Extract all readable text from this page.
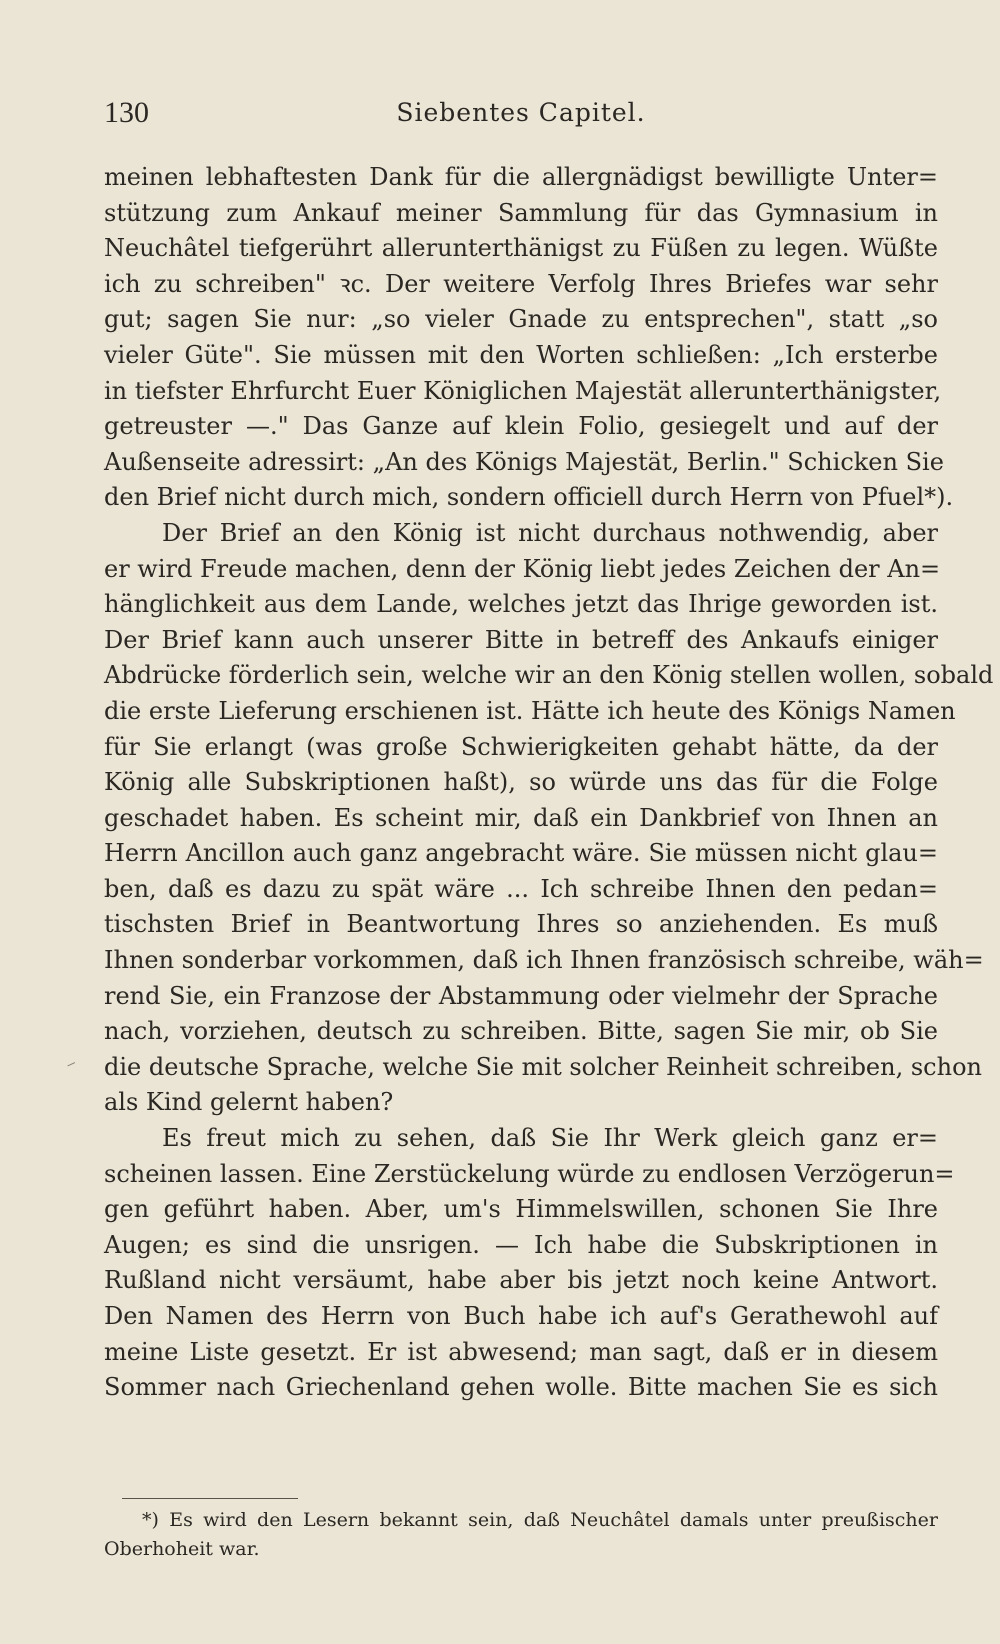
130	Siebentes Capitel.
meinen lebhaftesten Dank für die allergnädigst bewilligte Unter=
stützung zum Ankauf meiner Sammlung für das Gymnasium in
Neuchâtel tiefgerührt allerunterthänigst zu Füßen zu legen. Wüßte
ich zu schreiben" ꝛc. Der weitere Verfolg Ihres Briefes war sehr
gut; sagen Sie nur: „so vieler Gnade zu entsprechen", statt „so
vieler Güte". Sie müssen mit den Worten schließen: „Ich ersterbe
in tiefster Ehrfurcht Euer Königlichen Majestät allerunterthänigster,
getreuster —." Das Ganze auf klein Folio, gesiegelt und auf der
Außenseite adressirt: „An des Königs Majestät, Berlin." Schicken Sie
den Brief nicht durch mich, sondern officiell durch Herrn von Pfuel*).
Der Brief an den König ist nicht durchaus nothwendig, aber
er wird Freude machen, denn der König liebt jedes Zeichen der An=
hänglichkeit aus dem Lande, welches jetzt das Ihrige geworden ist.
Der Brief kann auch unserer Bitte in betreff des Ankaufs einiger
Abdrücke förderlich sein, welche wir an den König stellen wollen, sobald
die erste Lieferung erschienen ist. Hätte ich heute des Königs Namen
für Sie erlangt (was große Schwierigkeiten gehabt hätte, da der
König alle Subskriptionen haßt), so würde uns das für die Folge
geschadet haben. Es scheint mir, daß ein Dankbrief von Ihnen an
Herrn Ancillon auch ganz angebracht wäre. Sie müssen nicht glau=
ben, daß es dazu zu spät wäre ... Ich schreibe Ihnen den pedan=
tischsten Brief in Beantwortung Ihres so anziehenden. Es muß
Ihnen sonderbar vorkommen, daß ich Ihnen französisch schreibe, wäh=
rend Sie, ein Franzose der Abstammung oder vielmehr der Sprache
nach, vorziehen, deutsch zu schreiben. Bitte, sagen Sie mir, ob Sie
die deutsche Sprache, welche Sie mit solcher Reinheit schreiben, schon
als Kind gelernt haben?
Es freut mich zu sehen, daß Sie Ihr Werk gleich ganz er=
scheinen lassen. Eine Zerstückelung würde zu endlosen Verzögerun=
gen geführt haben. Aber, um's Himmelswillen, schonen Sie Ihre
Augen; es sind die unsrigen. — Ich habe die Subskriptionen in
Rußland nicht versäumt, habe aber bis jetzt noch keine Antwort.
Den Namen des Herrn von Buch habe ich auf's Gerathewohl auf
meine Liste gesetzt. Er ist abwesend; man sagt, daß er in diesem
Sommer nach Griechenland gehen wolle. Bitte machen Sie es sich
*) Es wird den Lesern bekannt sein, daß Neuchâtel damals unter preußischer
Oberhoheit war.
